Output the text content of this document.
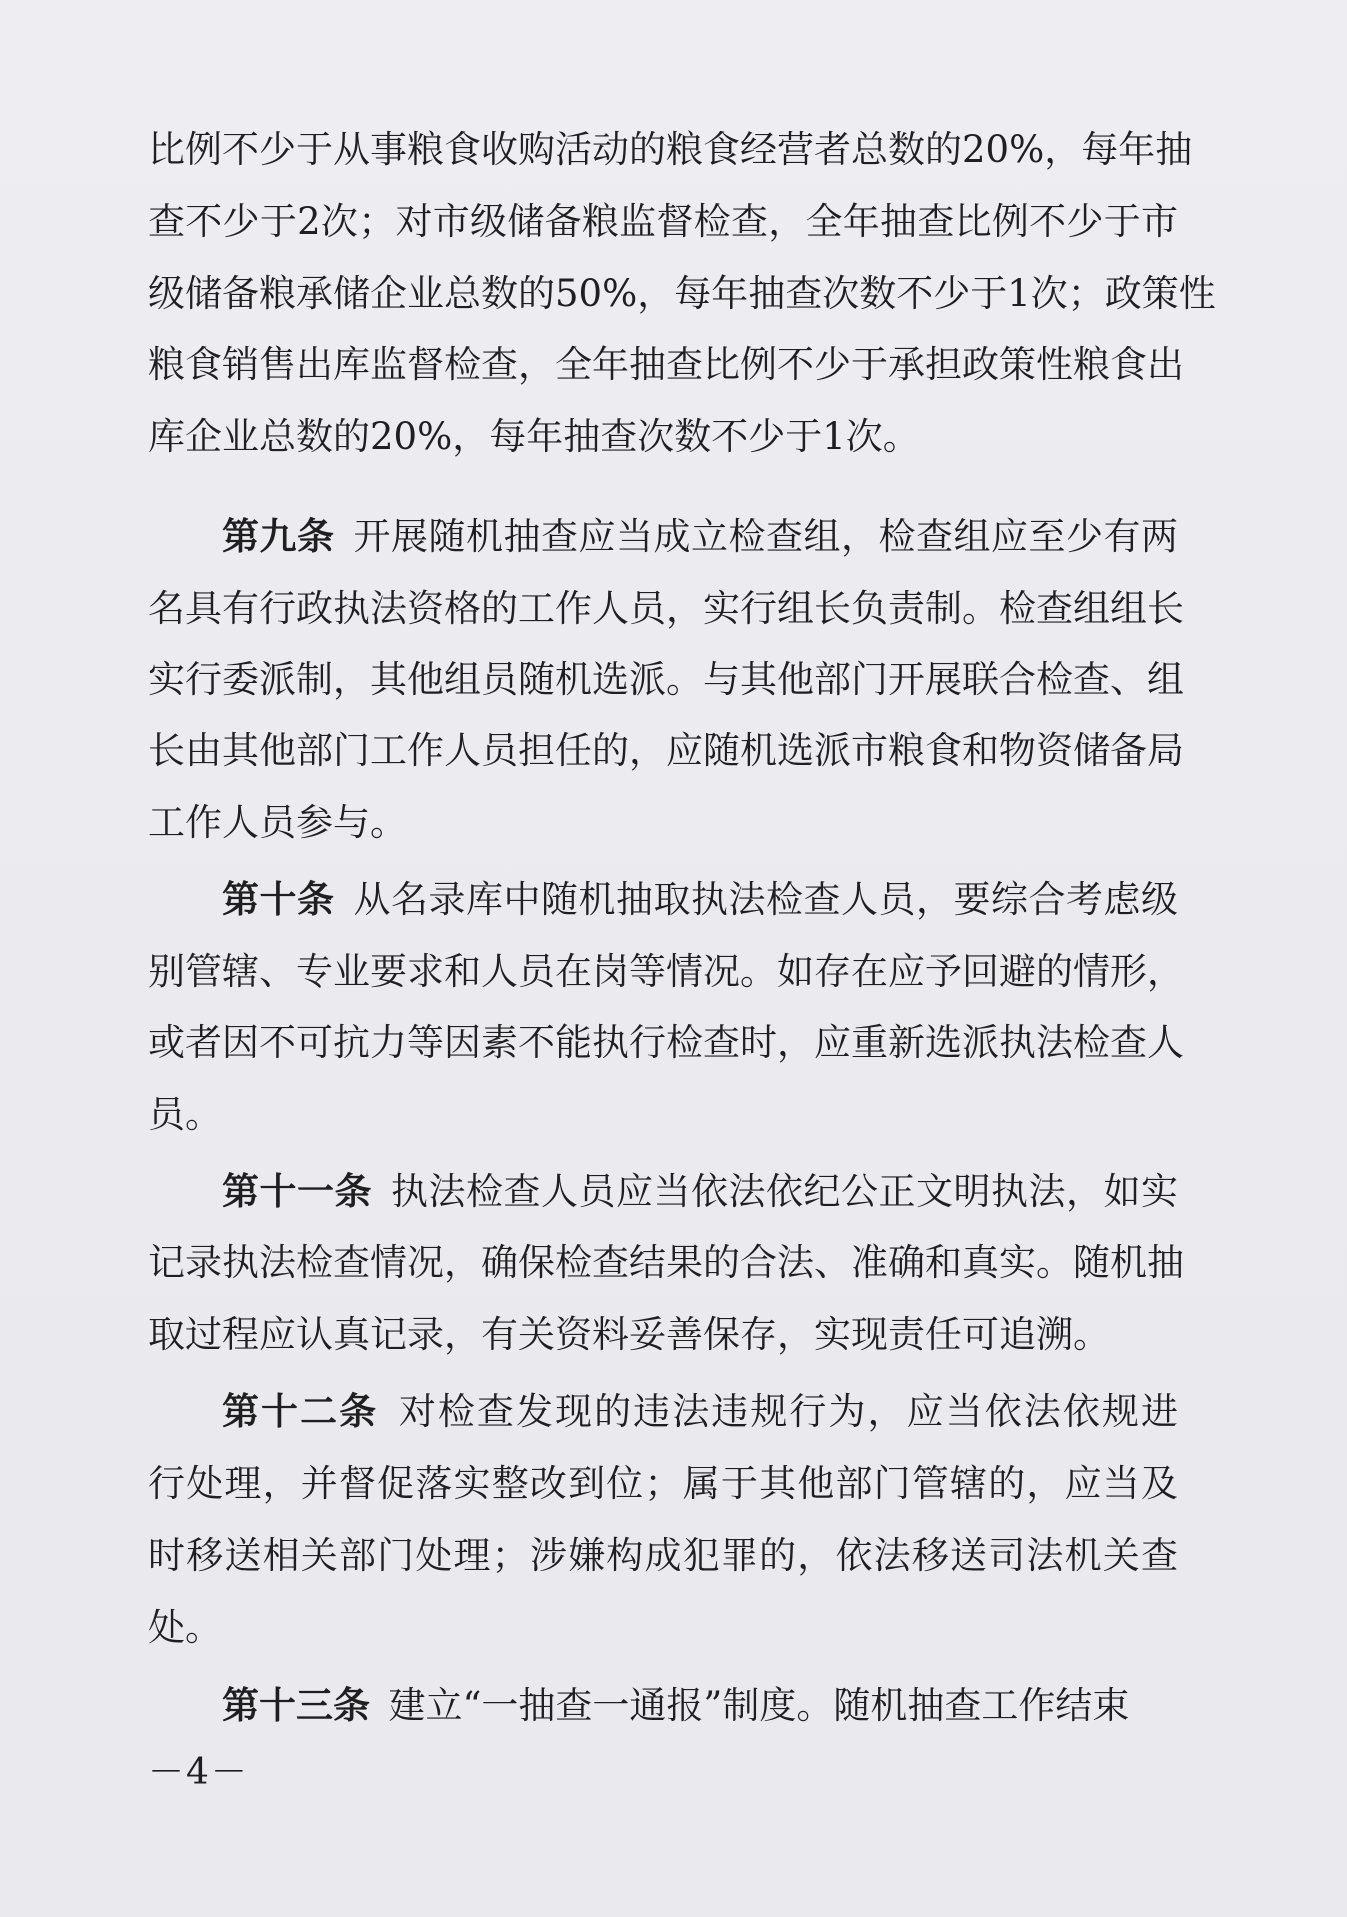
比例不少于从事粮食收购活动的粮食经营者总数的20%，每年抽
查不少于2次；对市级储备粮监督检查，全年抽查比例不少于市
级储备粮承储企业总数的50%，每年抽查次数不少于1次；政策性
粮食销售出库监督检查，全年抽查比例不少于承担政策性粮食出
库企业总数的20%，每年抽查次数不少于1次。
第九条  开展随机抽查应当成立检查组，检查组应至少有两
名具有行政执法资格的工作人员，实行组长负责制。检查组组长
实行委派制，其他组员随机选派。与其他部门开展联合检查、组
长由其他部门工作人员担任的，应随机选派市粮食和物资储备局
工作人员参与。
第十条  从名录库中随机抽取执法检查人员，要综合考虑级
别管辖、专业要求和人员在岗等情况。如存在应予回避的情形，
或者因不可抗力等因素不能执行检查时，应重新选派执法检查人
员。
第十一条  执法检查人员应当依法依纪公正文明执法，如实
记录执法检查情况，确保检查结果的合法、准确和真实。随机抽
取过程应认真记录，有关资料妥善保存，实现责任可追溯。
第十二条  对检查发现的违法违规行为，应当依法依规进
行处理，并督促落实整改到位；属于其他部门管辖的，应当及
时移送相关部门处理；涉嫌构成犯罪的，依法移送司法机关查
处。
第十三条  建立“一抽查一通报”制度。随机抽查工作结束
－4－
